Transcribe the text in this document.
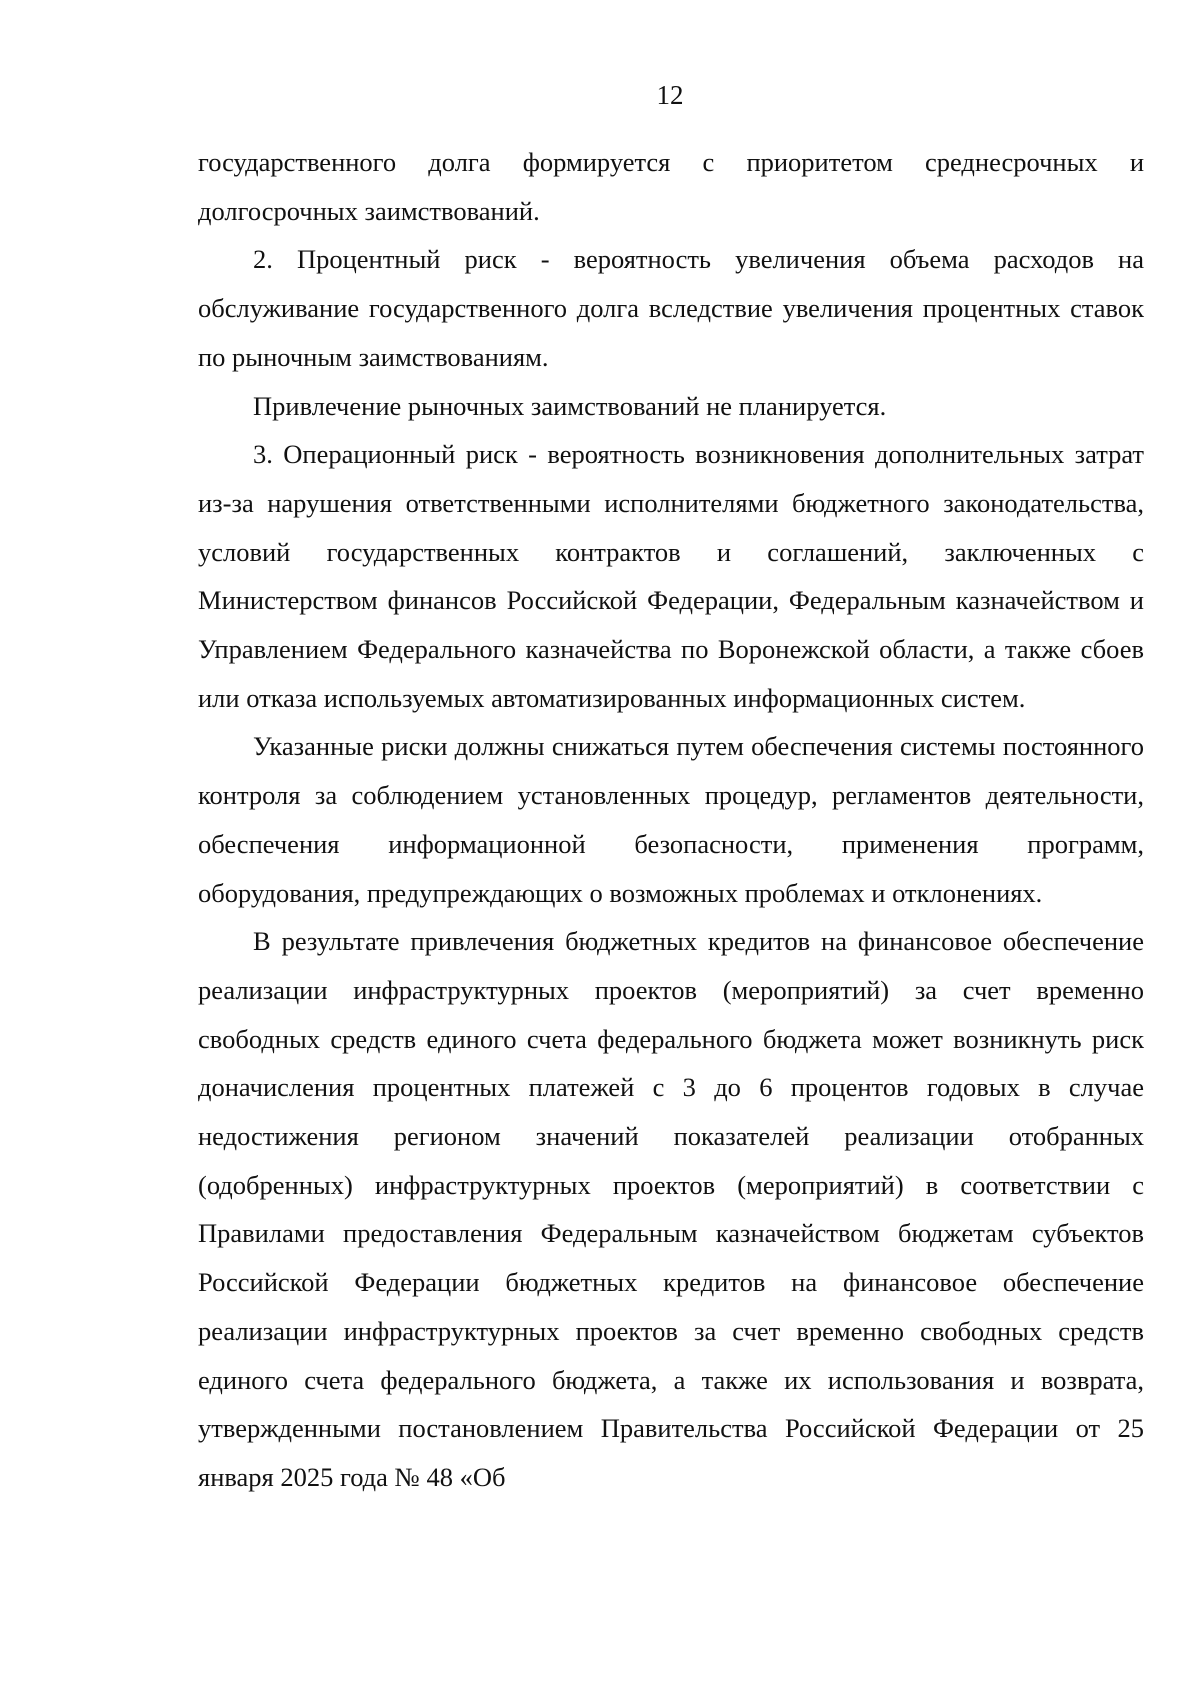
12

государственного долга формируется с приоритетом среднесрочных и долгосрочных заимствований.

2. Процентный риск - вероятность увеличения объема расходов на обслуживание государственного долга вследствие увеличения процентных ставок по рыночным заимствованиям.

Привлечение рыночных заимствований не планируется.

3. Операционный риск - вероятность возникновения дополнительных затрат из-за нарушения ответственными исполнителями бюджетного законодательства, условий государственных контрактов и соглашений, заключенных с Министерством финансов Российской Федерации, Федеральным казначейством и Управлением Федерального казначейства по Воронежской области, а также сбоев или отказа используемых автоматизированных информационных систем.

Указанные риски должны снижаться путем обеспечения системы постоянного контроля за соблюдением установленных процедур, регламентов деятельности, обеспечения информационной безопасности, применения программ, оборудования, предупреждающих о возможных проблемах и отклонениях.

В результате привлечения бюджетных кредитов на финансовое обеспечение реализации инфраструктурных проектов (мероприятий) за счет временно свободных средств единого счета федерального бюджета может возникнуть риск доначисления процентных платежей с 3 до 6 процентов годовых в случае недостижения регионом значений показателей реализации отобранных (одобренных) инфраструктурных проектов (мероприятий) в соответствии с Правилами предоставления Федеральным казначейством бюджетам субъектов Российской Федерации бюджетных кредитов на финансовое обеспечение реализации инфраструктурных проектов за счет временно свободных средств единого счета федерального бюджета, а также их использования и возврата, утвержденными постановлением Правительства Российской Федерации от 25 января 2025 года № 48 «Об
